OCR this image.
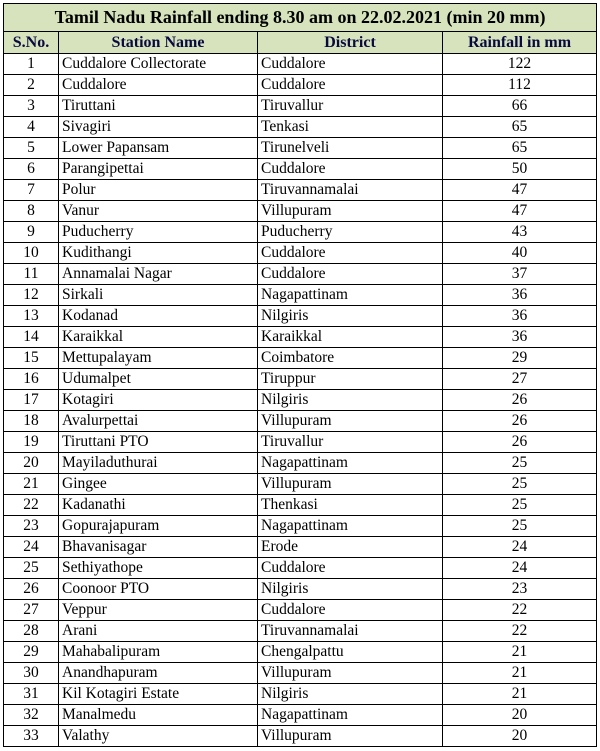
Tamil Nadu Rainfall ending 8.30 am on 22.02.2021 (min 20 mm)			
S.No.	Station Name	District	Rainfall in mm
1	Cuddalore Collectorate	Cuddalore	122
2	Cuddalore	Cuddalore	112
3	Tiruttani	Tiruvallur	66
4	Sivagiri	Tenkasi	65
5	Lower Papansam	Tirunelveli	65
6	Parangipettai	Cuddalore	50
7	Polur	Tiruvannamalai	47
8	Vanur	Villupuram	47
9	Puducherry	Puducherry	43
10	Kudithangi	Cuddalore	40
11	Annamalai Nagar	Cuddalore	37
12	Sirkali	Nagapattinam	36
13	Kodanad	Nilgiris	36
14	Karaikkal	Karaikkal	36
15	Mettupalayam	Coimbatore	29
16	Udumalpet	Tiruppur	27
17	Kotagiri	Nilgiris	26
18	Avalurpettai	Villupuram	26
19	Tiruttani PTO	Tiruvallur	26
20	Mayiladuthurai	Nagapattinam	25
21	Gingee	Villupuram	25
22	Kadanathi	Thenkasi	25
23	Gopurajapuram	Nagapattinam	25
24	Bhavanisagar	Erode	24
25	Sethiyathope	Cuddalore	24
26	Coonoor PTO	Nilgiris	23
27	Veppur	Cuddalore	22
28	Arani	Tiruvannamalai	22
29	Mahabalipuram	Chengalpattu	21
30	Anandhapuram	Villupuram	21
31	Kil Kotagiri Estate	Nilgiris	21
32	Manalmedu	Nagapattinam	20
33	Valathy	Villupuram	20
